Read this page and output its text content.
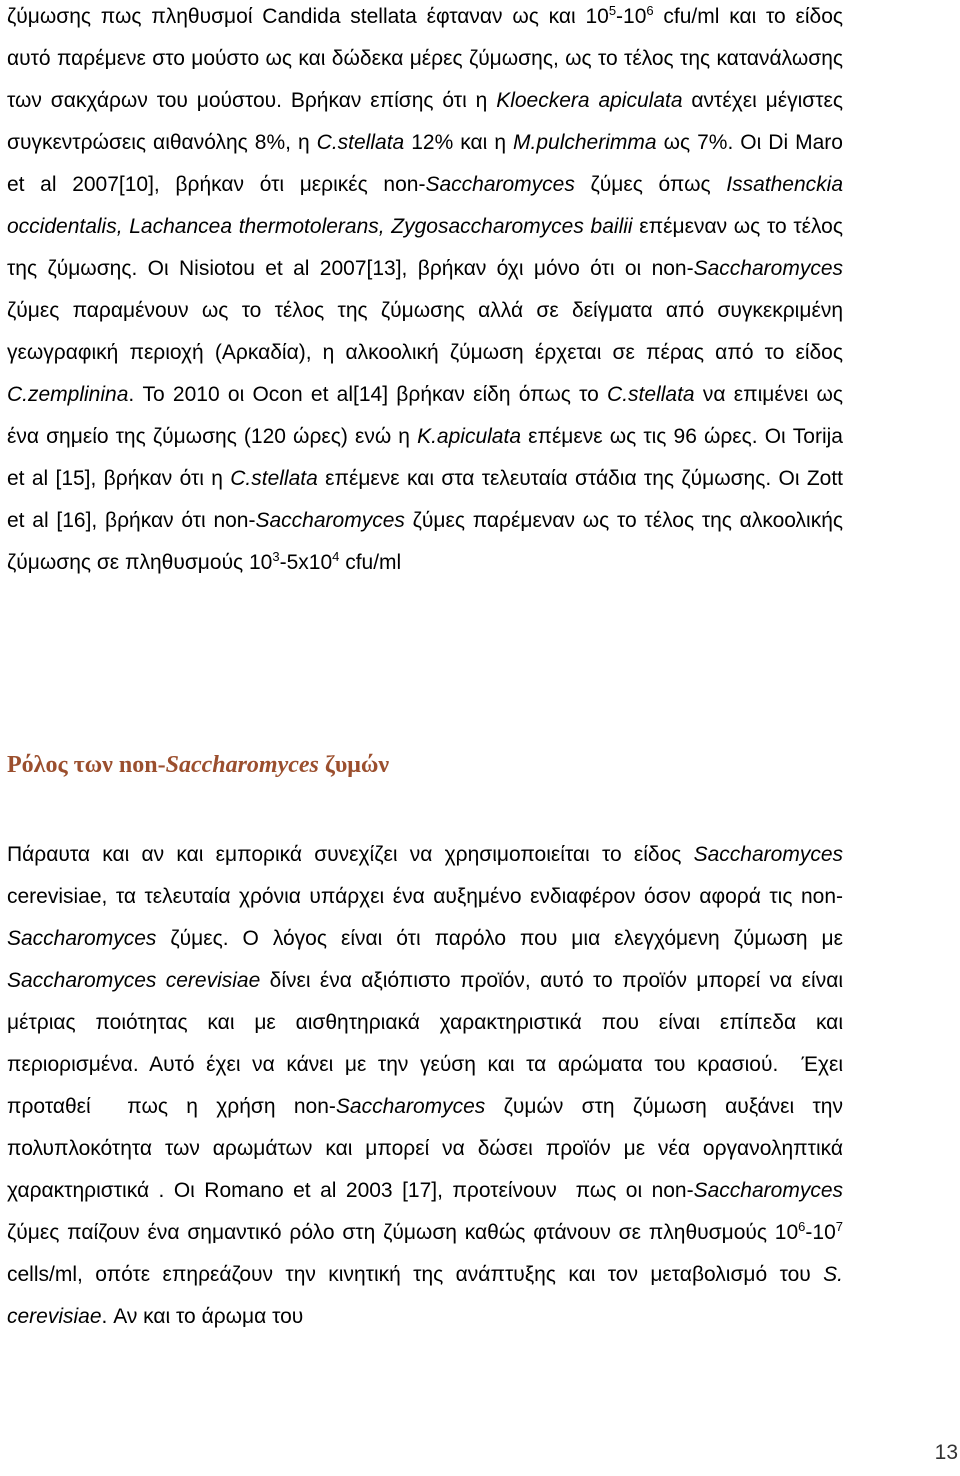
ζύμωσης πως πληθυσμοί Candida stellata έφταναν ως και $10^5-10^6$ cfu/ml και το είδος αυτό παρέμενε στο μούστο ως και δώδεκα μέρες ζύμωσης, ως το τέλος της κατανάλωσης των σακχάρων του μούστου. Βρήκαν επίσης ότι η Kloeckera apiculata αντέχει μέγιστες συγκεντρώσεις αιθανόλης 8%, η C.stellata 12% και η M.pulcherimma ως 7%. Οι Di Maro et al 2007[10], βρήκαν ότι μερικές non-Saccharomyces ζύμες όπως Issathenckia occidentalis, Lachancea thermotolerans, Zygosaccharomyces bailii επέμεναν ως το τέλος της ζύμωσης. Οι Nisiotou et al 2007[13], βρήκαν όχι μόνο ότι οι non-Saccharomyces ζύμες παραμένουν ως το τέλος της ζύμωσης αλλά σε δείγματα από συγκεκριμένη γεωγραφική περιοχή (Αρκαδία), η αλκοολική ζύμωση έρχεται σε πέρας από το είδος C.zemplinina. Το 2010 οι Ocon et al[14] βρήκαν είδη όπως το C.stellata να επιμένει ως ένα σημείο της ζύμωσης (120 ώρες) ενώ η K.apiculata επέμενε ως τις 96 ώρες. Οι Torija et al [15], βρήκαν ότι η C.stellata επέμενε και στα τελευταία στάδια της ζύμωσης. Οι Zott et al [16], βρήκαν ότι non-Saccharomyces ζύμες παρέμεναν ως το τέλος της αλκοολικής ζύμωσης σε πληθυσμούς $10^3-5x10^4$ cfu/ml
Ρόλος των non-Saccharomyces ζυμών
Πάραυτα και αν και εμπορικά συνεχίζει να χρησιμοποιείται το είδος Saccharomyces cerevisiae, τα τελευταία χρόνια υπάρχει ένα αυξημένο ενδιαφέρον όσον αφορά τις non-Saccharomyces ζύμες. Ο λόγος είναι ότι παρόλο που μια ελεγχόμενη ζύμωση με Saccharomyces cerevisiae δίνει ένα αξιόπιστο προϊόν, αυτό το προϊόν μπορεί να είναι μέτριας ποιότητας και με αισθητηριακά χαρακτηριστικά που είναι επίπεδα και περιορισμένα. Αυτό έχει να κάνει με την γεύση και τα αρώματα του κρασιού.  Έχει προταθεί  πως η χρήση non-Saccharomyces ζυμών στη ζύμωση αυξάνει την πολυπλοκότητα των αρωμάτων και μπορεί να δώσει προϊόν με νέα οργανοληπτικά χαρακτηριστικά . Οι Romano et al 2003 [17], προτείνουν  πως οι non-Saccharomyces ζύμες παίζουν ένα σημαντικό ρόλο στη ζύμωση καθώς φτάνουν σε πληθυσμούς $10^6-10^7$ cells/ml, οπότε επηρεάζουν την κινητική της ανάπτυξης και τον μεταβολισμό του S. cerevisiae. Αν και το άρωμα του
13
